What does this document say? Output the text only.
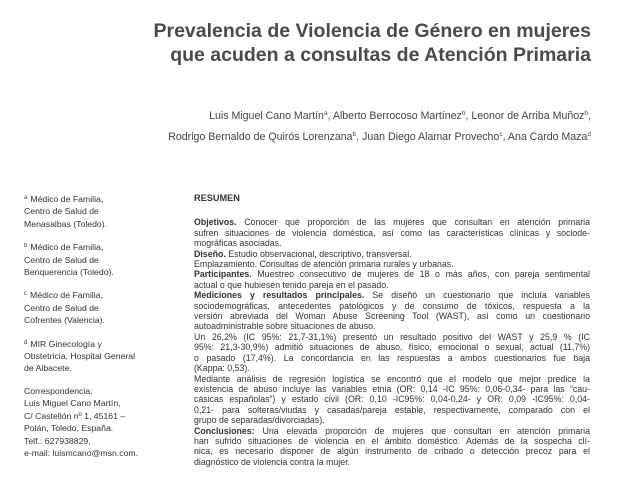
Prevalencia de Violencia de Género en mujeres
que acuden a consultas de Atención Primaria
Luis Miguel Cano Martín$^a$, Alberto Berrocoso Martínez$^b$, Leonor de Arriba Muñoz$^b$,
Rodrigo Bernaldo de Quirós Lorenzana$^b$, Juan Diego Alamar Provecho$^c$, Ana Cardo Maza$^d$
$^a$ Médico de Familia,
Centro de Salud de
Menasalbas (Toledo).
$^b$ Médico de Familia,
Centro de Salud de
Benquerencia (Toledo).
$^c$ Médico de Familia,
Centro de Salud de
Cofrentes (Valencia).
$^d$ MIR Ginecología y
Obstetricia, Hospital General
de Albacete.
Correspondencia:
Luis Miguel Cano Martín,
C/ Castellón nº 1, 45161 –
Polán, Toledo, España.
Telf.: 627938829,
e-mail: luismcano@msn.com.
RESUMEN
Objetivos. Conocer qué proporción de las mujeres que consultan en atención primaria
sufren situaciones de violencia doméstica, así como las características clínicas y sociode-
mográficas asociadas.
Diseño. Estudio observacional, descriptivo, transversal.
Emplazamiento. Consultas de atención primaria rurales y urbanas.
Participantes. Muestreo consecutivo de mujeres de 18 o más años, con pareja sentimental
actual o que hubiesen tenido pareja en el pasado.
Mediciones y resultados principales. Se diseñó un cuestionario que incluía variables
sociodemográficas, antecedentes patológicos y de consumo de tóxicos, respuesta a la
versión abreviada del Woman Abuse Screening Tool (WAST), así como un cuestionario
autoadministrable sobre situaciones de abuso.
Un 26,2% (IC 95%: 21,7-31,1%) presentó un resultado positivo del WAST y 25,9 % (IC
95%: 21,3-30,9%) admitió situaciones de abuso, físico, emocional o sexual, actual (11,7%)
o pasado (17,4%). La concordancia en las respuestas a ambos cuestionarios fue baja
(Kappa: 0,53).
Mediante análisis de regresión logística se encontró que el modelo que mejor predice la
existencia de abuso incluye las variables etnia (OR: 0,14 -IC 95%: 0,06-0,34- para las “cau-
cásicas españolas”) y estado civil (OR: 0,10 -IC95%: 0,04-0,24- y OR: 0,09 -IC95%: 0,04-
0,21- para solteras/viudas y casadas/pareja estable, respectivamente, comparado con el
grupo de separadas/divorciadas).
Conclusiones: Una elevada proporción de mujeres que consultan en atención primaria
han sufrido situaciones de violencia en el ámbito doméstico. Además de la sospecha clí-
nica, es necesario disponer de algún instrumento de cribado o detección precoz para el
diagnóstico de violencia contra la mujer.
